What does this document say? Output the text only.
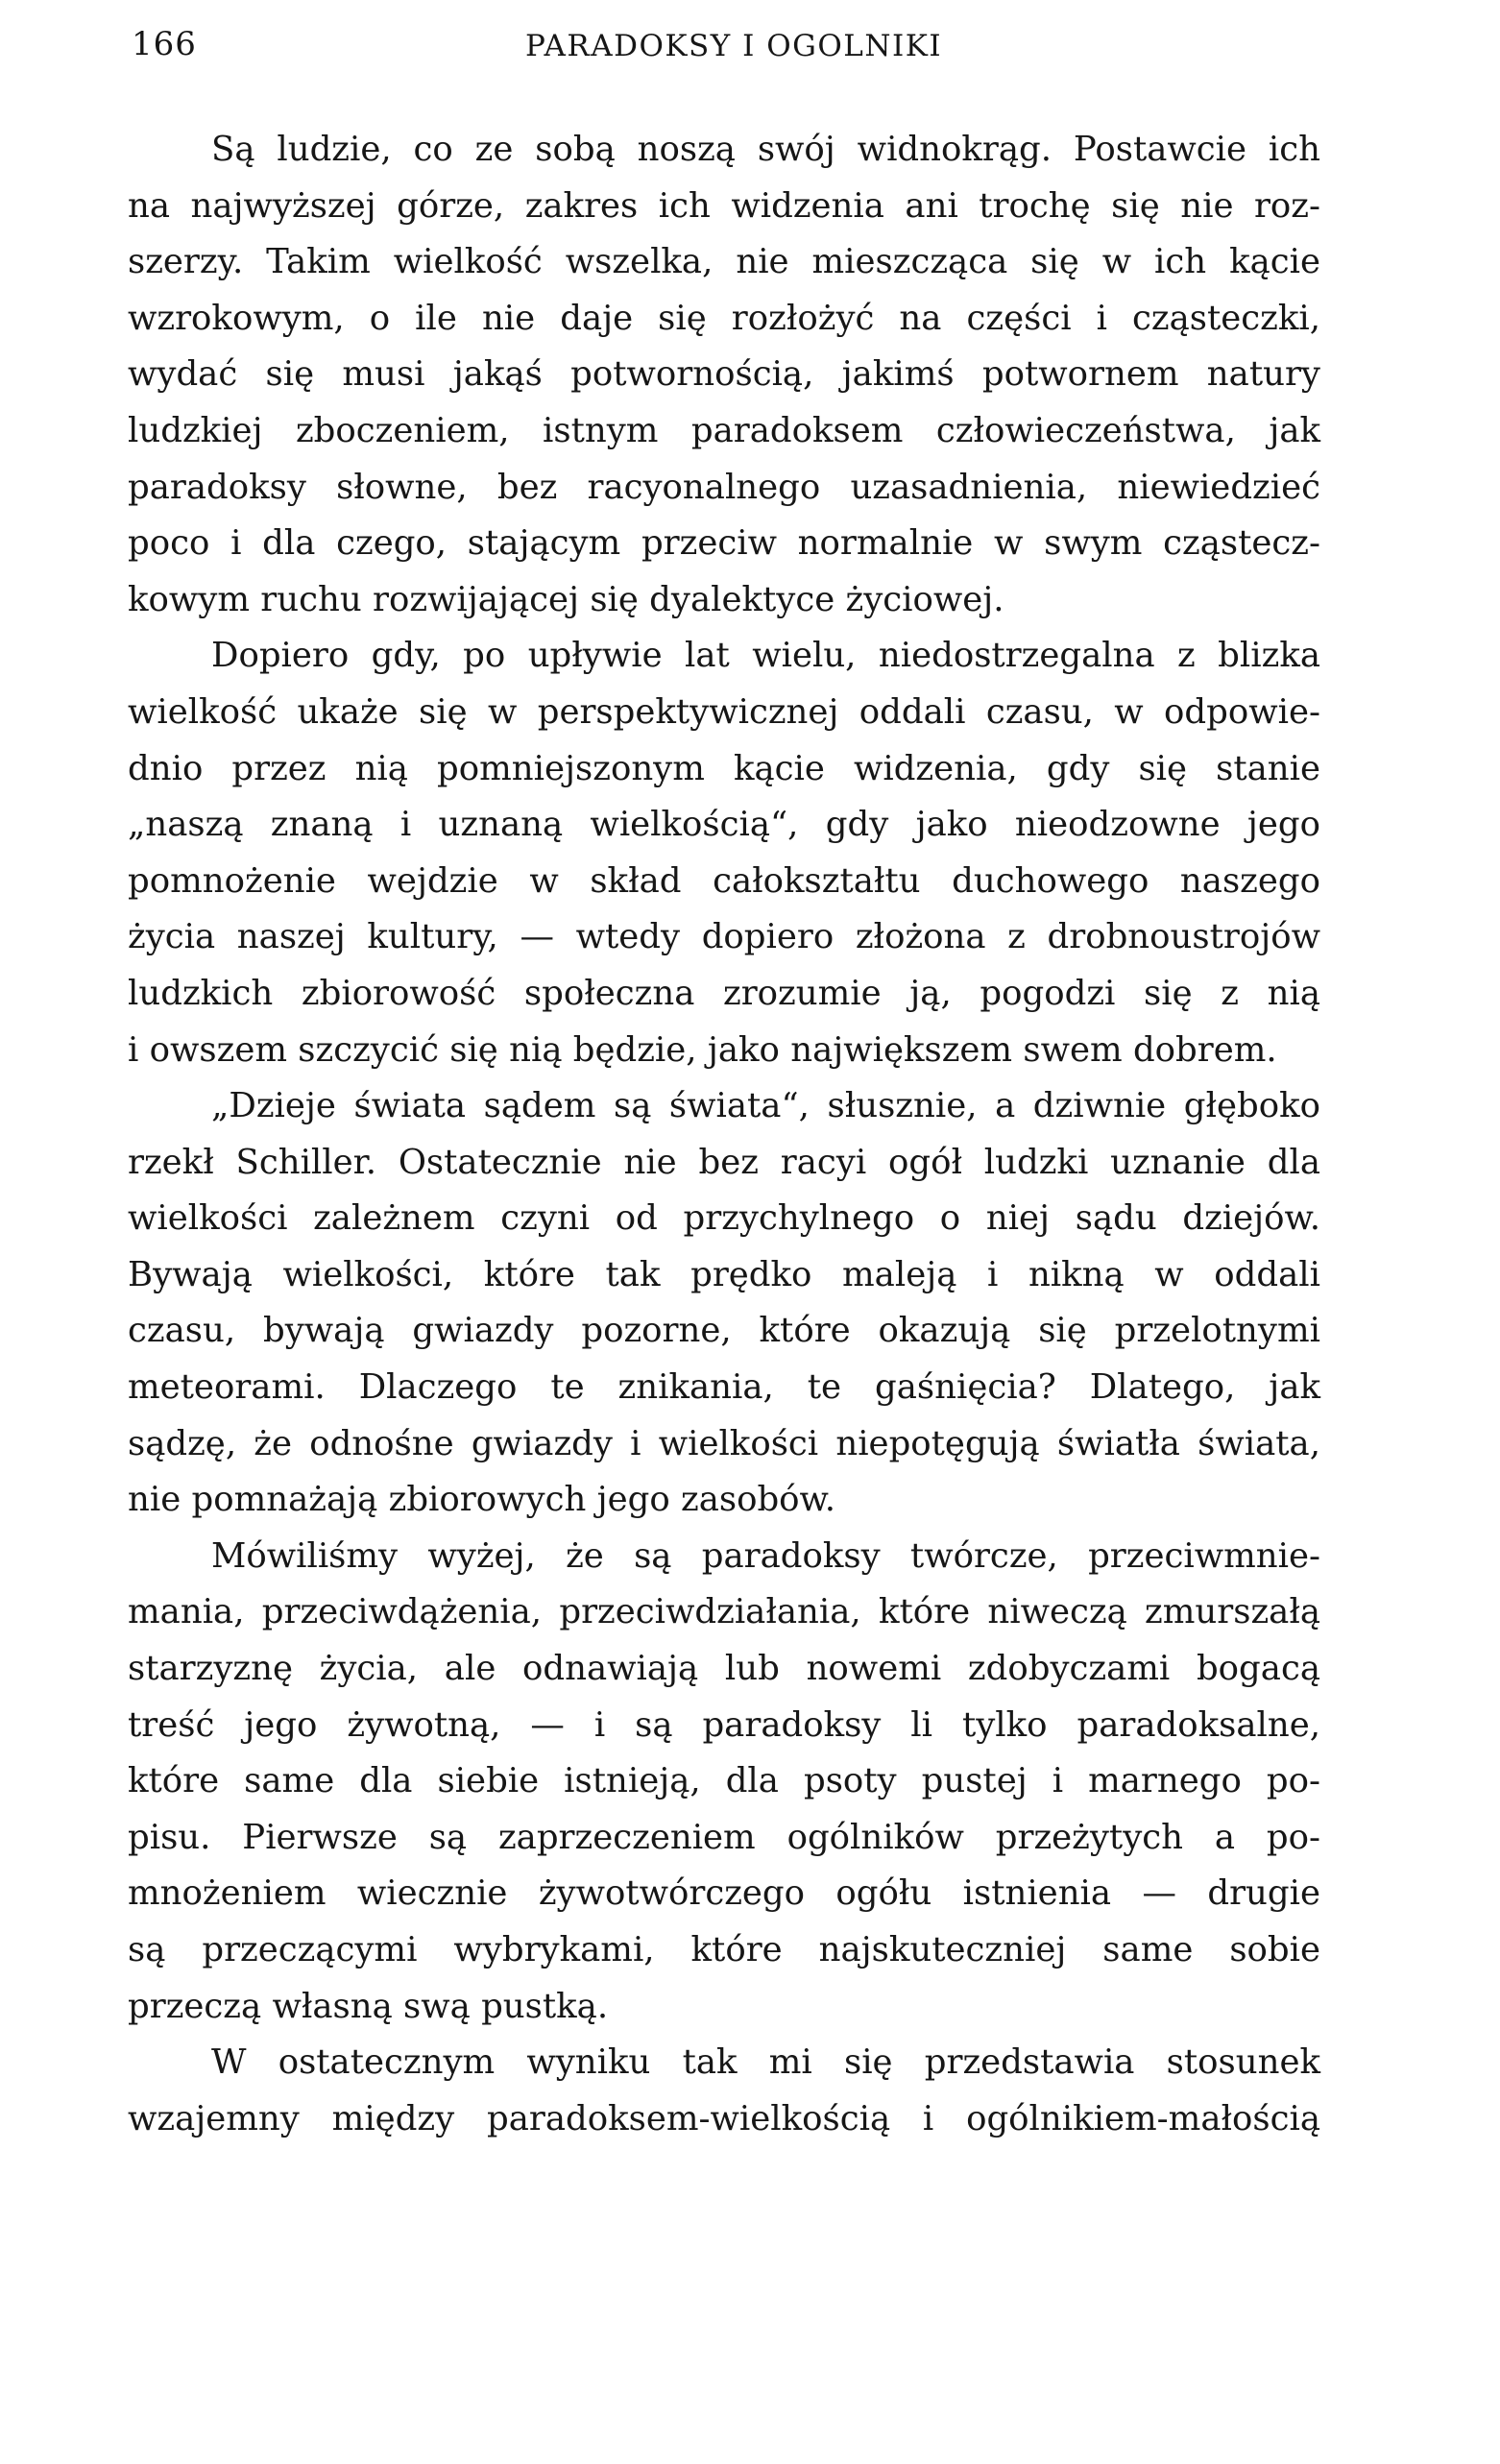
166	PARADOKSY I OGOLNIKI
Są ludzie, co ze sobą noszą swój widnokrąg. Postawcie ich
na najwyższej górze, zakres ich widzenia ani trochę się nie roz-
szerzy. Takim wielkość wszelka, nie mieszcząca się w ich kącie
wzrokowym, o ile nie daje się rozłożyć na części i cząsteczki,
wydać się musi jakąś potwornością, jakimś potwornem natury
ludzkiej zboczeniem, istnym paradoksem człowieczeństwa, jak
paradoksy słowne, bez racyonalnego uzasadnienia, niewiedzieć
poco i dla czego, stającym przeciw normalnie w swym cząstecz-
kowym ruchu rozwijającej się dyalektyce życiowej.
Dopiero gdy, po upływie lat wielu, niedostrzegalna z blizka
wielkość ukaże się w perspektywicznej oddali czasu, w odpowie-
dnio przez nią pomniejszonym kącie widzenia, gdy się stanie
„naszą znaną i uznaną wielkością“, gdy jako nieodzowne jego
pomnożenie wejdzie w skład całokształtu duchowego naszego
życia naszej kultury, — wtedy dopiero złożona z drobnoustrojów
ludzkich zbiorowość społeczna zrozumie ją, pogodzi się z nią
i owszem szczycić się nią będzie, jako największem swem dobrem.
„Dzieje świata sądem są świata“, słusznie, a dziwnie głęboko
rzekł Schiller. Ostatecznie nie bez racyi ogół ludzki uznanie dla
wielkości zależnem czyni od przychylnego o niej sądu dziejów.
Bywają wielkości, które tak prędko maleją i nikną w oddali
czasu, bywają gwiazdy pozorne, które okazują się przelotnymi
meteorami. Dlaczego te znikania, te gaśnięcia? Dlatego, jak
sądzę, że odnośne gwiazdy i wielkości niepotęgują światła świata,
nie pomnażają zbiorowych jego zasobów.
Mówiliśmy wyżej, że są paradoksy twórcze, przeciwmnie-
mania, przeciwdążenia, przeciwdziałania, które niweczą zmurszałą
starzyznę życia, ale odnawiają lub nowemi zdobyczami bogacą
treść jego żywotną, — i są paradoksy li tylko paradoksalne,
które same dla siebie istnieją, dla psoty pustej i marnego po-
pisu. Pierwsze są zaprzeczeniem ogólników przeżytych a po-
mnożeniem wiecznie żywotwórczego ogółu istnienia — drugie
są przeczącymi wybrykami, które najskuteczniej same sobie
przeczą własną swą pustką.
W ostatecznym wyniku tak mi się przedstawia stosunek
wzajemny między paradoksem-wielkością i ogólnikiem-małością
